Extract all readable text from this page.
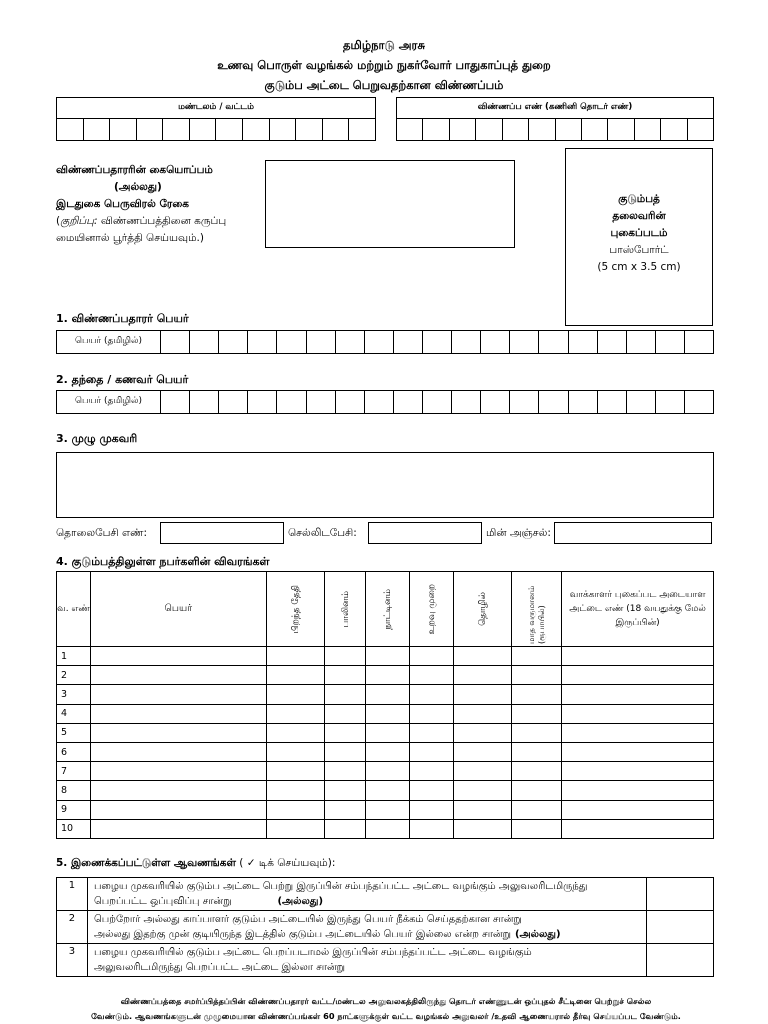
தமிழ்நாடு அரசு
உணவு பொருள் வழங்கல் மற்றும் நுகர்வோர் பாதுகாப்புத் துறை
குடும்ப அட்டை பெறுவதற்கான விண்ணப்பம்
மண்டலம் / வட்டம்	விண்ணப்ப எண் (கணினி தொடர் எண்)
விண்ணப்பதாரரின் கையொப்பம்
(அல்லது)
இடதுகை பெருவிரல் ரேகை
(குறிப்பு: விண்ணப்பத்தினை கருப்பு
மையினால் பூர்த்தி செய்யவும்.)
குடும்பத்
தலைவரின்
புகைப்படம்
பாஸ்போர்ட்
(5 cm x 3.5 cm)
1. விண்ணப்பதாரர் பெயர்
பெயர் (தமிழில்)
2. தந்தை / கணவர் பெயர்
பெயர் (தமிழில்)
3. முழு முகவரி
தொலைபேசி எண்:	செல்லிடபேசி:	மின் அஞ்சல்:
4. குடும்பத்திலுள்ள நபர்களின் விவரங்கள்
வ. எண்	பெயர்	பிறந்த தேதி	பாலினம்	நாட்டினம்	உறவு முறை	தொழில்	மாத வருமானம் (ரூபாயில்)	வாக்காளர் புகைப்பட அடையாள அட்டை எண் (18 வயதுக்கு மேல் இருப்பின்)
1								
2								
3								
4								
5								
6								
7								
8								
9								
10								
5. இணைக்கப்பட்டுள்ள ஆவணங்கள் ( ✓ டிக் செய்யவும்):
1	பழைய முகவரியில் குடும்ப அட்டை பெற்று இருப்பின் சம்பந்தப்பட்ட அட்டை வழங்கும் அலுவலரிடமிருந்து
பெறப்பட்ட ஒப்புவிப்பு சான்று (அல்லது)	

2	பெற்றோர் அல்லது காப்பாளர் குடும்ப அட்டையில் இருந்து பெயர் நீக்கம் செய்ததற்கான சான்று
அல்லது இதற்கு முன் குடியிருந்த இடத்தில் குடும்ப அட்டையில் பெயர் இல்லை என்ற சான்று (அல்லது)	

3	பழைய முகவரியில் குடும்ப அட்டை பெறப்படாமல் இருப்பின் சம்பந்தப்பட்ட அட்டை வழங்கும்
அலுவலரிடமிருந்து பெறப்பட்ட அட்டை இல்லா சான்று	

விண்ணப்பத்தை சமர்ப்பித்தப்பின் விண்ணப்பதாரர் வட்ட/மண்டல அலுவலகத்திலிருந்து தொடர் எண்ணுடன் ஒப்புதல் சீட்டினை பெற்றுச் செல்ல
வேண்டும். ஆவணங்களுடன் முழுமையான விண்ணப்பங்கள் 60 நாட்களுக்குள் வட்ட வழங்கல் அலுவலர் /உதவி ஆணையரால் தீர்வு செய்யப்பட வேண்டும்.
